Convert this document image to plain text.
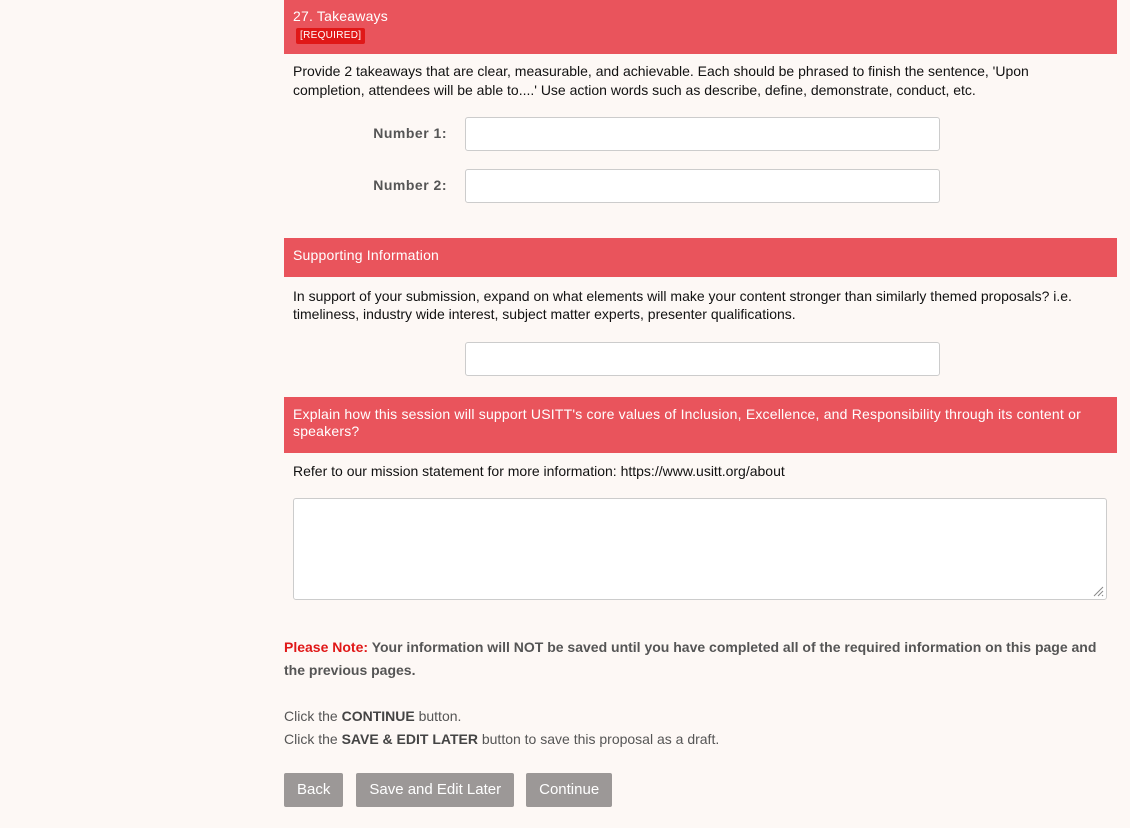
27. Takeaways
[REQUIRED]
Provide 2 takeaways that are clear, measurable, and achievable. Each should be phrased to finish the sentence, 'Upon completion, attendees will be able to....' Use action words such as describe, define, demonstrate, conduct, etc.
Number 1:
Number 2:
Supporting Information
In support of your submission, expand on what elements will make your content stronger than similarly themed proposals? i.e. timeliness, industry wide interest, subject matter experts, presenter qualifications.
Explain how this session will support USITT's core values of Inclusion, Excellence, and Responsibility through its content or speakers?
Refer to our mission statement for more information: https://www.usitt.org/about
Please Note: Your information will NOT be saved until you have completed all of the required information on this page and the previous pages.
Click the CONTINUE button.
Click the SAVE & EDIT LATER button to save this proposal as a draft.
Back	Save and Edit Later	Continue
